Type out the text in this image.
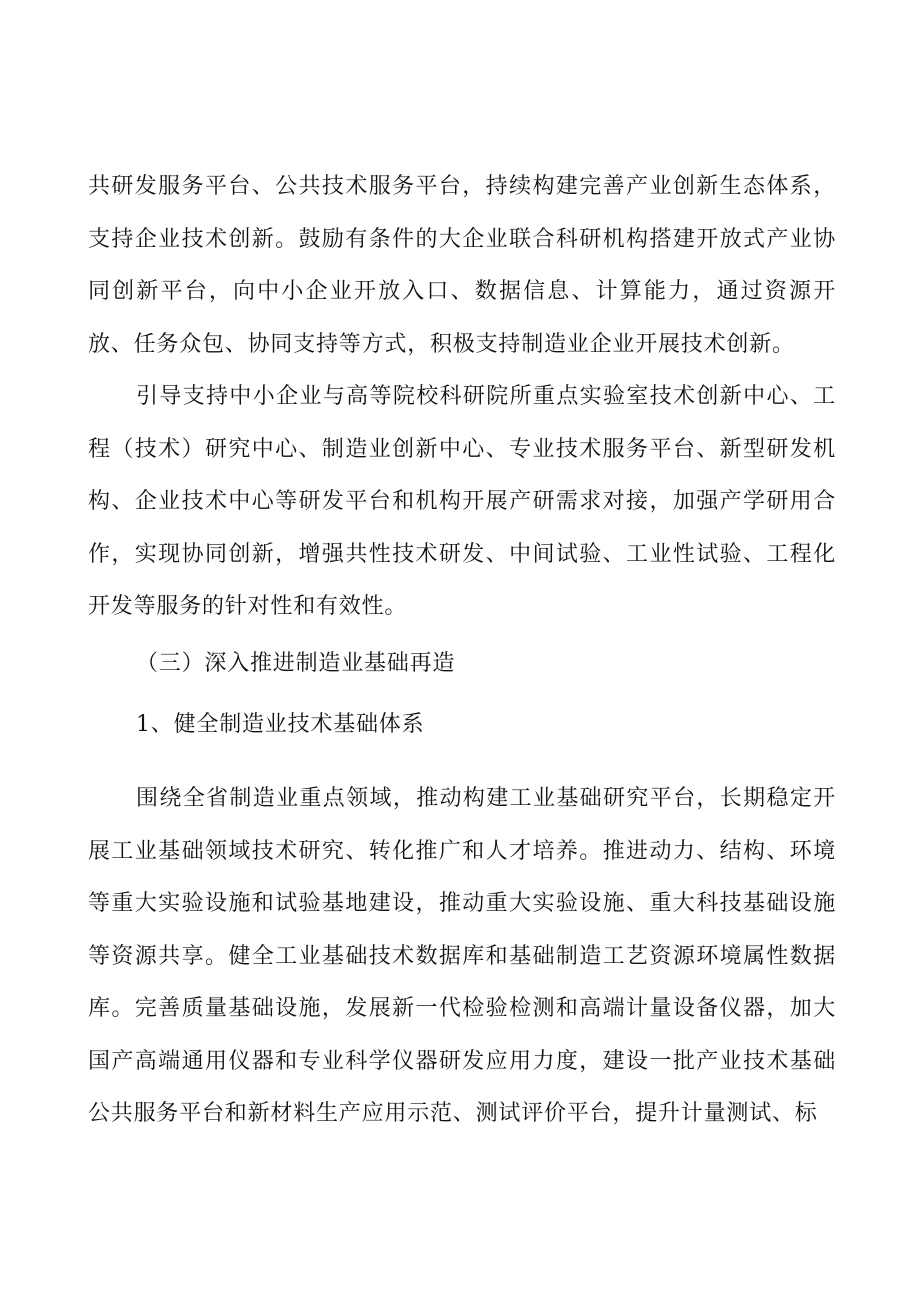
共研发服务平台、公共技术服务平台，持续构建完善产业创新生态体系，支持企业技术创新。鼓励有条件的大企业联合科研机构搭建开放式产业协同创新平台，向中小企业开放入口、数据信息、计算能力，通过资源开放、任务众包、协同支持等方式，积极支持制造业企业开展技术创新。

引导支持中小企业与高等院校科研院所重点实验室技术创新中心、工程（技术）研究中心、制造业创新中心、专业技术服务平台、新型研发机构、企业技术中心等研发平台和机构开展产研需求对接，加强产学研用合作，实现协同创新，增强共性技术研发、中间试验、工业性试验、工程化开发等服务的针对性和有效性。

（三）深入推进制造业基础再造
1、健全制造业技术基础体系

围绕全省制造业重点领域，推动构建工业基础研究平台，长期稳定开展工业基础领域技术研究、转化推广和人才培养。推进动力、结构、环境等重大实验设施和试验基地建设，推动重大实验设施、重大科技基础设施等资源共享。健全工业基础技术数据库和基础制造工艺资源环境属性数据库。完善质量基础设施，发展新一代检验检测和高端计量设备仪器，加大国产高端通用仪器和专业科学仪器研发应用力度，建设一批产业技术基础公共服务平台和新材料生产应用示范、测试评价平台，提升计量测试、标
